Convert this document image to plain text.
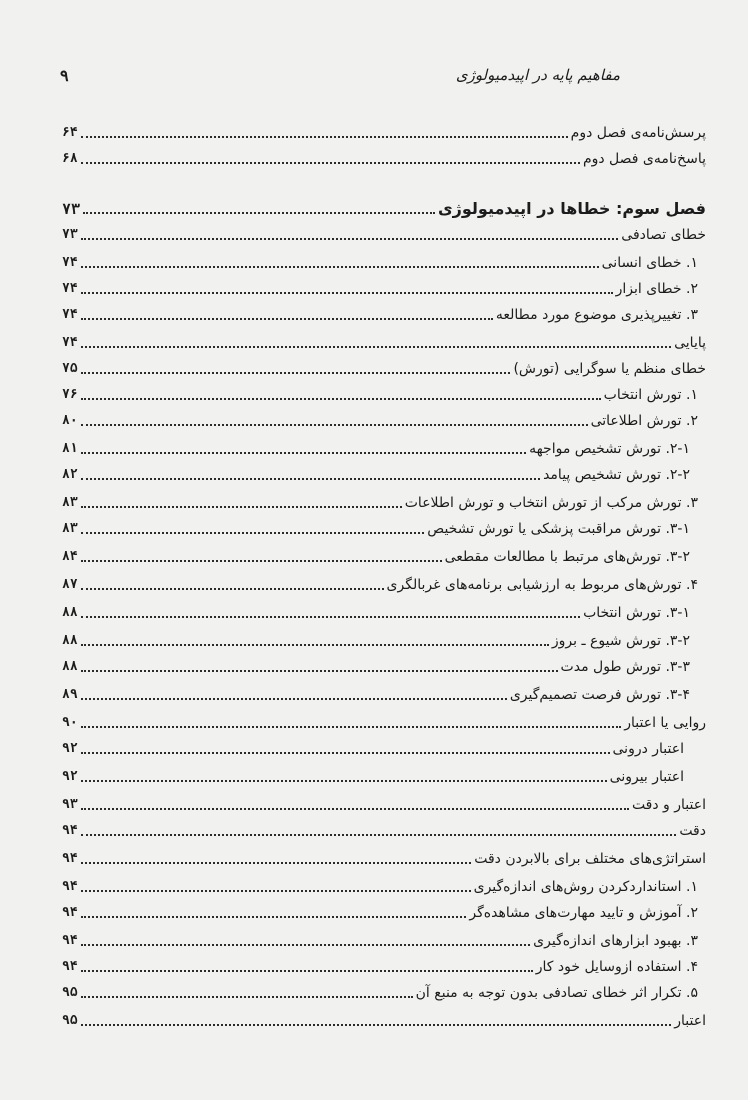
مفاهیم پایه در اپیدمیولوژی
۹
پرسش‌نامه‌ی فصل دوم
۶۴
پاسخ‌نامه‌ی فصل دوم
۶۸
فصل سوم: خطاها در اپیدمیولوژی
۷۳
خطای تصادفی
۷۳
۱. خطای انسانی
۷۴
۲. خطای ابزار
۷۴
۳. تغییرپذیری موضوع مورد مطالعه
۷۴
پایایی
۷۴
خطای منظم یا سوگرایی (تورش)
۷۵
۱. تورش انتخاب
۷۶
۲. تورش اطلاعاتی
۸۰
۲-۱. تورش تشخیص مواجهه
۸۱
۲-۲. تورش تشخیص پیامد
۸۲
۳. تورش مرکب از تورش انتخاب و تورش اطلاعات
۸۳
۳-۱. تورش مراقبت پزشکی یا تورش تشخیص
۸۳
۳-۲. تورش‌های مرتبط با مطالعات مقطعی
۸۴
۴. تورش‌های مربوط به ارزشیابی برنامه‌های غربالگری
۸۷
۳-۱. تورش انتخاب
۸۸
۳-۲. تورش شیوع ـ بروز
۸۸
۳-۳. تورش طول مدت
۸۸
۳-۴. تورش فرصت تصمیم‌گیری
۸۹
روایی یا اعتبار
۹۰
اعتبار درونی
۹۲
اعتبار بیرونی
۹۲
اعتبار و دقت
۹۳
دقت
۹۴
استراتژی‌های مختلف برای بالابردن دقت
۹۴
۱. استانداردکردن روش‌های اندازه‌گیری
۹۴
۲. آموزش و تایید مهارت‌های مشاهده‌گر
۹۴
۳. بهبود ابزارهای اندازه‌گیری
۹۴
۴. استفاده ازوسایل خود کار
۹۴
۵. تکرار اثر خطای تصادفی بدون توجه به منبع آن
۹۵
اعتبار
۹۵
